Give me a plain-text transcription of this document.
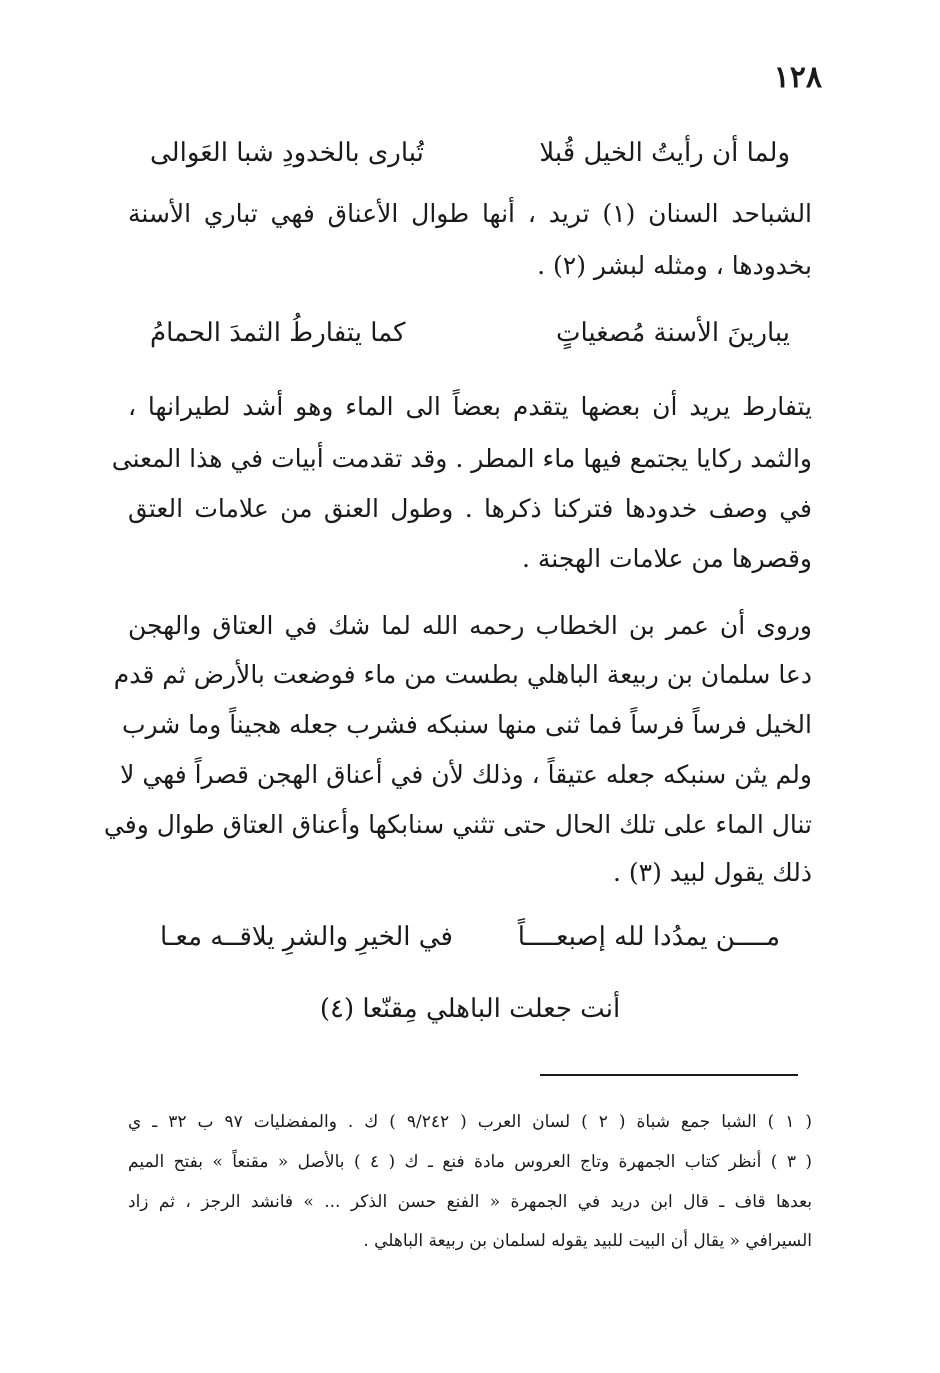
١٢٨
ولما أن رأيتُ الخيل قُبلا
تُبارى بالخدودِ شبا العَوالى
الشباحد السنان (١) تريد ، أنها طوال الأعناق فهي تباري الأسنة
بخدودها ، ومثله لبشر (٢) .
يبارينَ الأسنة مُصغياتٍ
كما يتفارطُ الثمدَ الحمامُ
يتفارط يريد أن بعضها يتقدم بعضاً الى الماء وهو أشد لطيرانها ،
والثمد ركايا يجتمع فيها ماء المطر . وقد تقدمت أبيات في هذا المعنى
في وصف خدودها فتركنا ذكرها . وطول العنق من علامات العتق
وقصرها من علامات الهجنة .
وروى أن عمر بن الخطاب رحمه الله لما شك في العتاق والهجن
دعا سلمان بن ربيعة الباهلي بطست من ماء فوضعت بالأرض ثم قدم
الخيل فرساً فرساً فما ثنى منها سنبكه فشرب جعله هجيناً وما شرب
ولم يثن سنبكه جعله عتيقاً ، وذلك لأن في أعناق الهجن قصراً فهي لا
تنال الماء على تلك الحال حتى تثني سنابكها وأعناق العتاق طوال وفي
ذلك يقول لبيد (٣) .
مــــن يمدُدا لله إصبعــــاً
في الخيرِ والشرِ يلاقــه معـا
أنت جعلت الباهلي مِقنّعا (٤)
( ١ ) الشبا جمع شباة ( ٢ ) لسان العرب ( ٩/٢٤٢ ) ك . والمفضليات ٩٧ ب ٣٢ ـ ي
( ٣ ) أنظر كتاب الجمهرة وتاج العروس مادة فنع ـ ك ( ٤ ) بالأصل « مقنعاً » بفتح الميم
بعدها قاف ـ قال ابن دريد في الجمهرة « الفنع حسن الذكر ... » فانشد الرجز ، ثم زاد
السيرافي « يقال أن البيت للبيد يقوله لسلمان بن ربيعة الباهلي .
